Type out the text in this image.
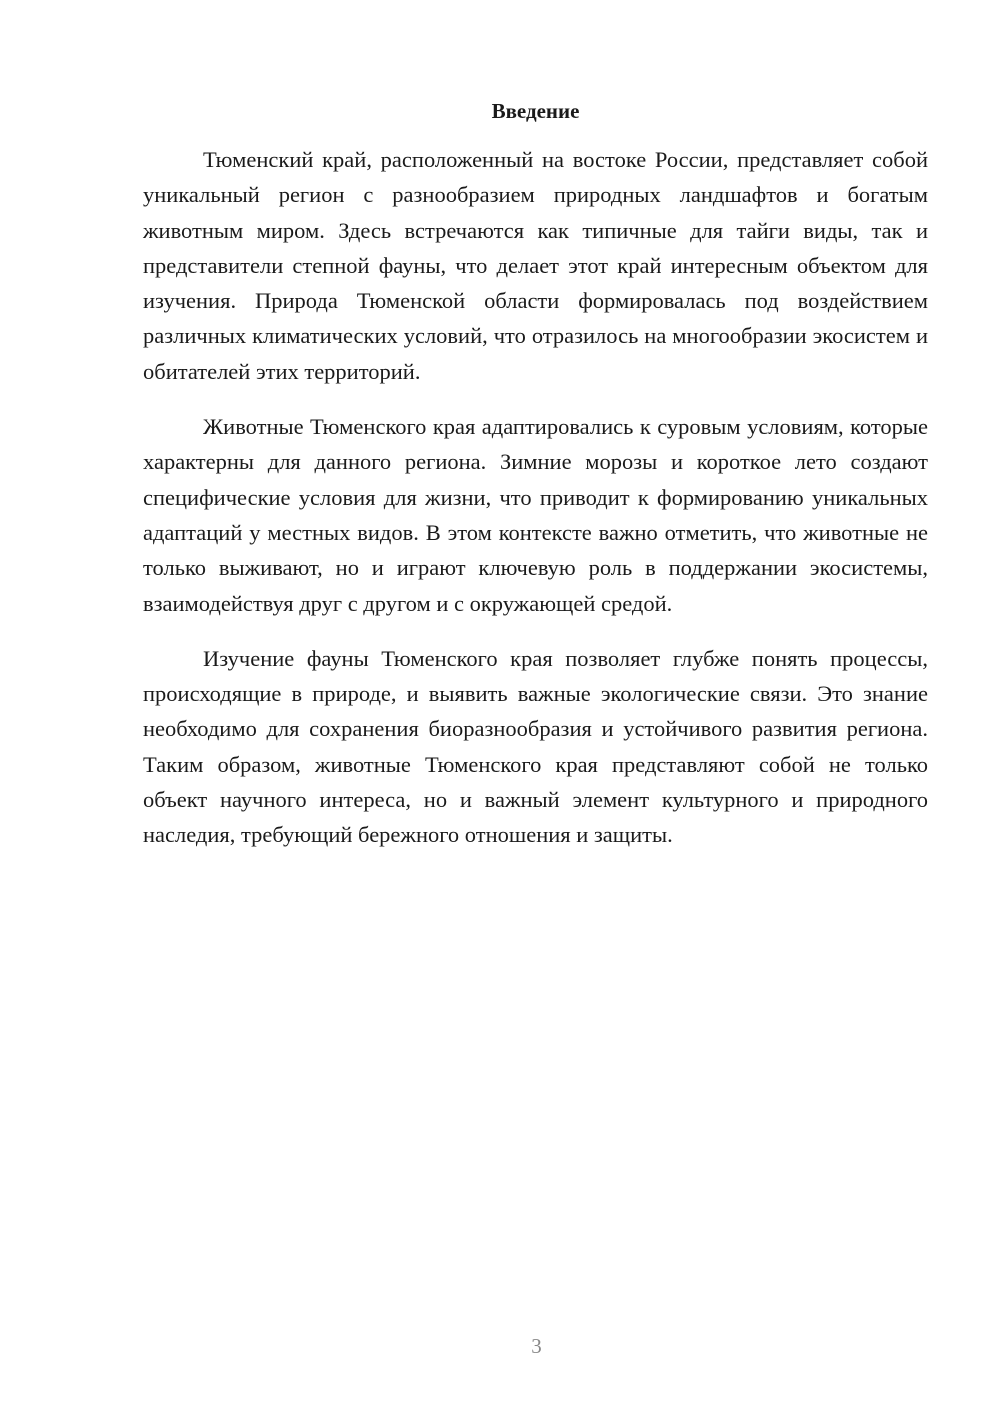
Введение

Тюменский край, расположенный на востоке России, представляет собой уникальный регион с разнообразием природных ландшафтов и богатым животным миром. Здесь встречаются как типичные для тайги виды, так и представители степной фауны, что делает этот край интересным объектом для изучения. Природа Тюменской области формировалась под воздействием различных климатических условий, что отразилось на многообразии экосистем и обитателей этих территорий.

Животные Тюменского края адаптировались к суровым условиям, которые характерны для данного региона. Зимние морозы и короткое лето создают специфические условия для жизни, что приводит к формированию уникальных адаптаций у местных видов. В этом контексте важно отметить, что животные не только выживают, но и играют ключевую роль в поддержании экосистемы, взаимодействуя друг с другом и с окружающей средой.

Изучение фауны Тюменского края позволяет глубже понять процессы, происходящие в природе, и выявить важные экологические связи. Это знание необходимо для сохранения биоразнообразия и устойчивого развития региона. Таким образом, животные Тюменского края представляют собой не только объект научного интереса, но и важный элемент культурного и природного наследия, требующий бережного отношения и защиты.

3
